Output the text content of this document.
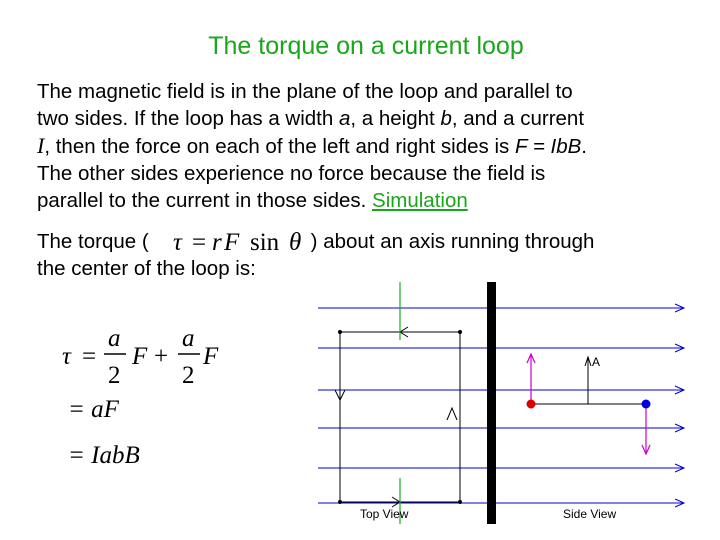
The torque on a current loop

The magnetic field is in the plane of the loop and parallel to

two sides. If the loop has a width a, a height b, and a current

I, then the force on each of the left and right sides is F = IbB.

The other sides experience no force because the field is

parallel to the current in those sides. Simulation

The torque (	) about an axis running through
the center of the loop is:
τ = r F sin θ
τ =
a
2
F +
a
2
F
= aF
= IabB
A
Top View	Side View
